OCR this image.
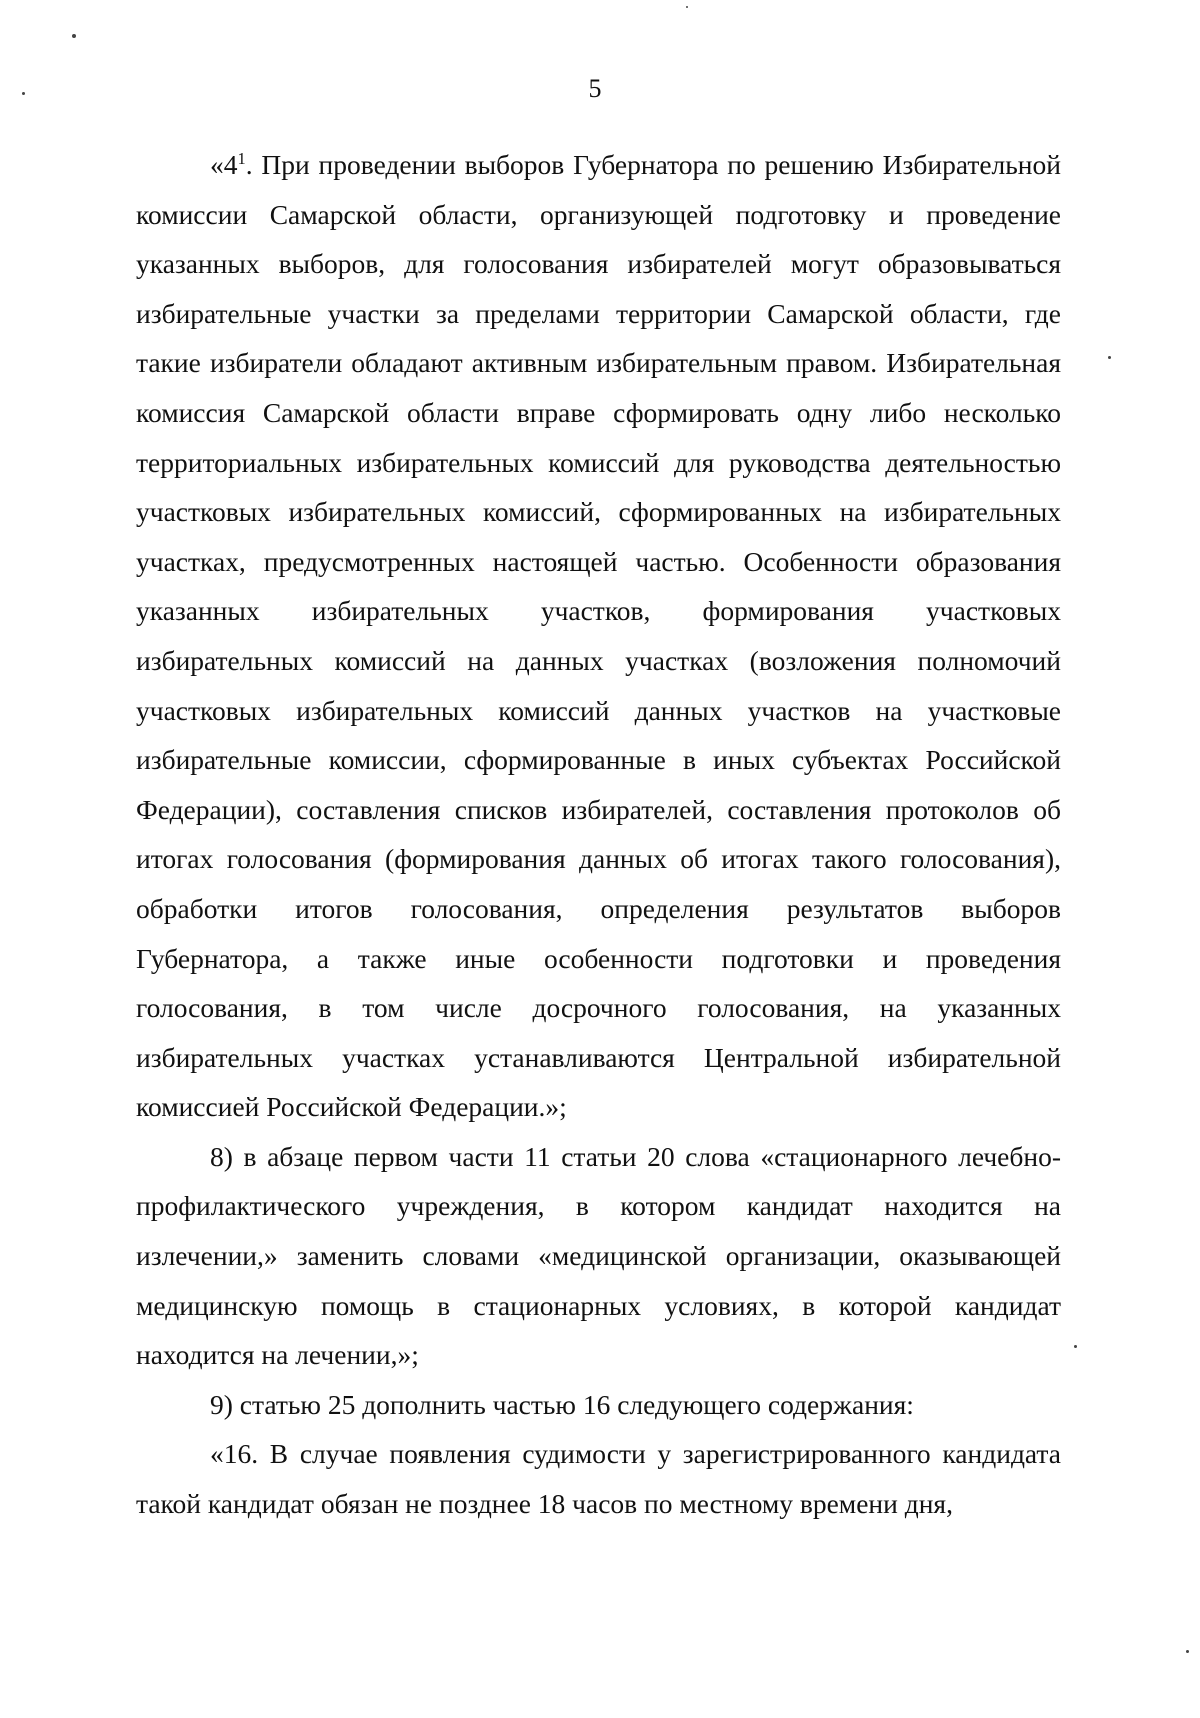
5

«$4^1$. При проведении выборов Губернатора по решению Избирательной комиссии Самарской области, организующей подготовку и проведение указанных выборов, для голосования избирателей могут образовываться избирательные участки за пределами территории Самарской области, где такие избиратели обладают активным избирательным правом. Избирательная комиссия Самарской области вправе сформировать одну либо несколько территориальных избирательных комиссий для руководства деятельностью участковых избирательных комиссий, сформированных на избирательных участках, предусмотренных настоящей частью. Особенности образования указанных избирательных участков, формирования участковых избирательных комиссий на данных участках (возложения полномочий участковых избирательных комиссий данных участков на участковые избирательные комиссии, сформированные в иных субъектах Российской Федерации), составления списков избирателей, составления протоколов об итогах голосования (формирования данных об итогах такого голосования), обработки итогов голосования, определения результатов выборов Губернатора, а также иные особенности подготовки и проведения голосования, в том числе досрочного голосования, на указанных избирательных участках устанавливаются Центральной избирательной комиссией Российской Федерации.»;

8) в абзаце первом части 11 статьи 20 слова «стационарного лечебно-профилактического учреждения, в котором кандидат находится на излечении,» заменить словами «медицинской организации, оказывающей медицинскую помощь в стационарных условиях, в которой кандидат находится на лечении,»;

9) статью 25 дополнить частью 16 следующего содержания:

«16. В случае появления судимости у зарегистрированного кандидата такой кандидат обязан не позднее 18 часов по местному времени дня,
